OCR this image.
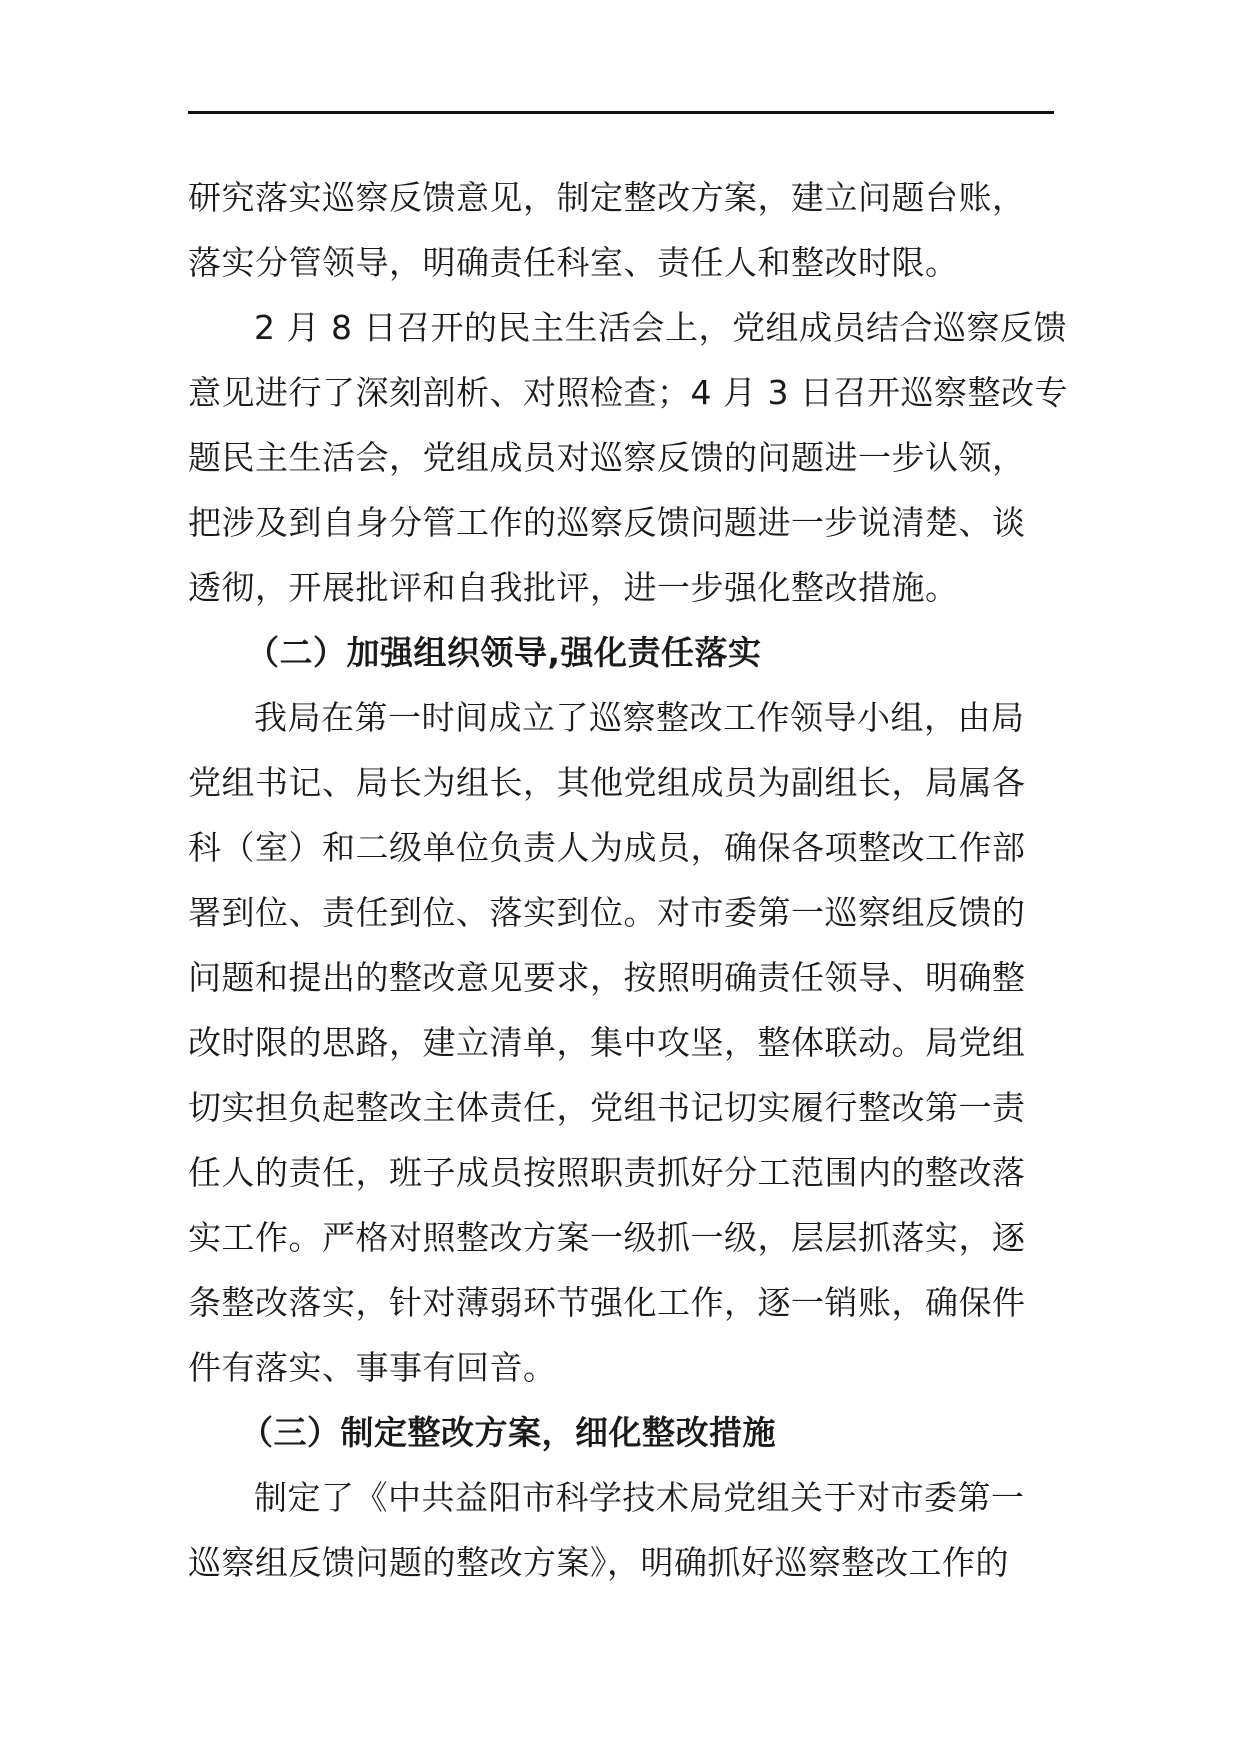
研究落实巡察反馈意见，制定整改方案，建立问题台账，
落实分管领导，明确责任科室、责任人和整改时限。
2 月 8 日召开的民主生活会上，党组成员结合巡察反馈
意见进行了深刻剖析、对照检查；4 月 3 日召开巡察整改专
题民主生活会，党组成员对巡察反馈的问题进一步认领，
把涉及到自身分管工作的巡察反馈问题进一步说清楚、谈
透彻，开展批评和自我批评，进一步强化整改措施。
（二）加强组织领导,强化责任落实
我局在第一时间成立了巡察整改工作领导小组，由局
党组书记、局长为组长，其他党组成员为副组长，局属各
科（室）和二级单位负责人为成员，确保各项整改工作部
署到位、责任到位、落实到位。对市委第一巡察组反馈的
问题和提出的整改意见要求，按照明确责任领导、明确整
改时限的思路，建立清单，集中攻坚，整体联动。局党组
切实担负起整改主体责任，党组书记切实履行整改第一责
任人的责任，班子成员按照职责抓好分工范围内的整改落
实工作。严格对照整改方案一级抓一级，层层抓落实，逐
条整改落实，针对薄弱环节强化工作，逐一销账，确保件
件有落实、事事有回音。
（三）制定整改方案，细化整改措施
制定了《中共益阳市科学技术局党组关于对市委第一
巡察组反馈问题的整改方案》，明确抓好巡察整改工作的
